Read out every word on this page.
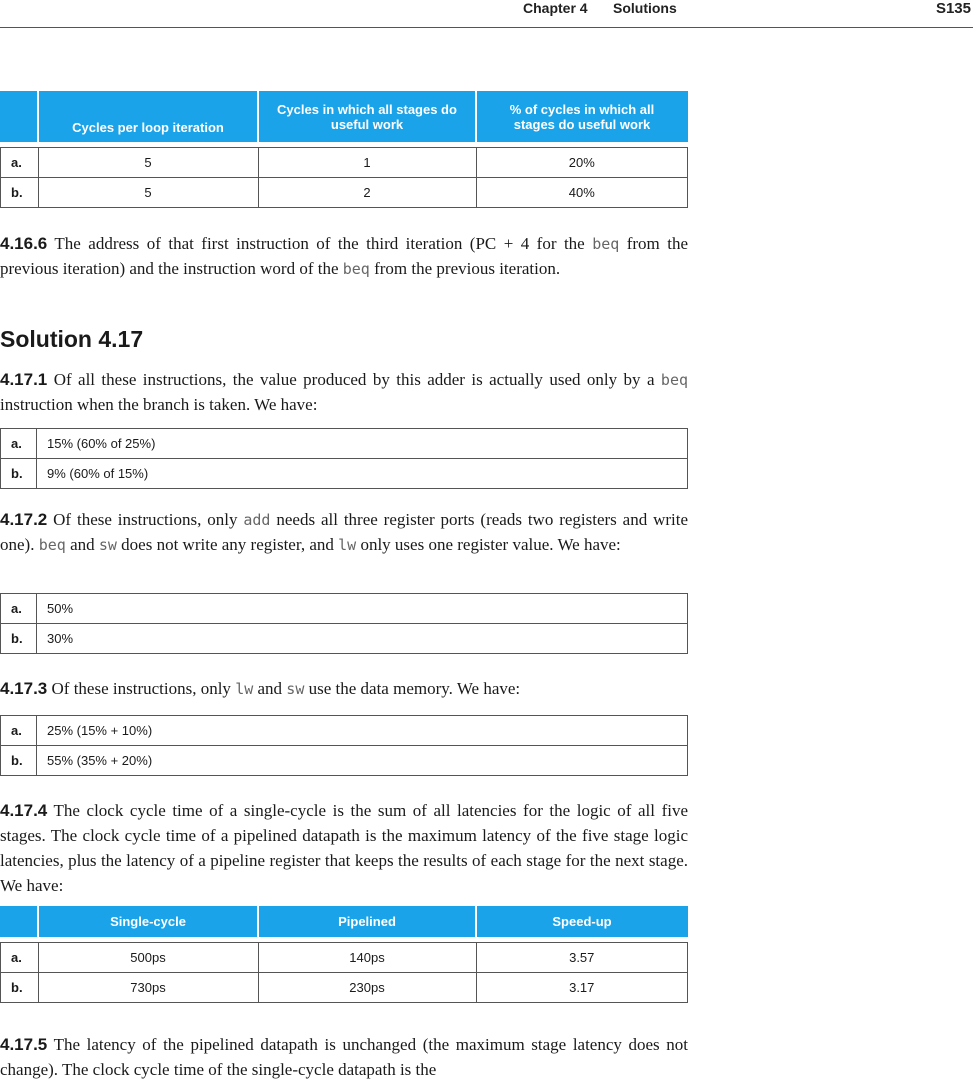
Chapter 4 Solutions	S135
	Cycles per loop iteration	Cycles in which all stages do useful work	% of cycles in which all stages do useful work

a.	5	1	20%
b.	5	2	40%

4.16.6 The address of that first instruction of the third iteration (PC + 4 for the beq from the previous iteration) and the instruction word of the beq from the previous iteration.

Solution 4.17

4.17.1 Of all these instructions, the value produced by this adder is actually used only by a beq instruction when the branch is taken. We have:

a.	15% (60% of 25%)
b.	9% (60% of 15%)

4.17.2 Of these instructions, only add needs all three register ports (reads two registers and write one). beq and sw does not write any register, and lw only uses one register value. We have:

a.	50%
b.	30%

4.17.3 Of these instructions, only lw and sw use the data memory. We have:

a.	25% (15% + 10%)
b.	55% (35% + 20%)

4.17.4 The clock cycle time of a single-cycle is the sum of all latencies for the logic of all five stages. The clock cycle time of a pipelined datapath is the maximum latency of the five stage logic latencies, plus the latency of a pipeline register that keeps the results of each stage for the next stage. We have:

	Single-cycle	Pipelined	Speed-up

a.	500ps	140ps	3.57
b.	730ps	230ps	3.17

4.17.5 The latency of the pipelined datapath is unchanged (the maximum stage latency does not change). The clock cycle time of the single-cycle datapath is the
